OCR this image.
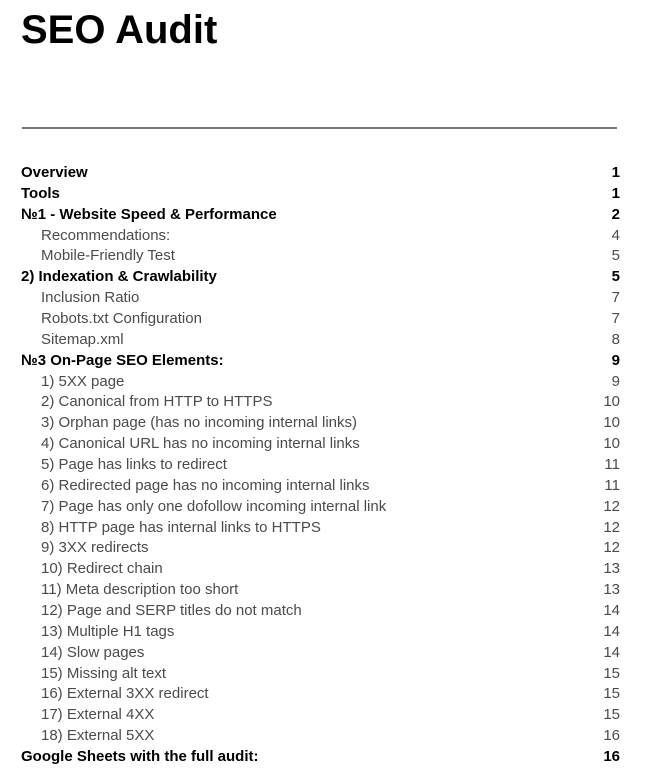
SEO Audit
Overview	1
Tools	1
№1 - Website Speed & Performance	2
Recommendations:	4
Mobile-Friendly Test	5
2) Indexation & Crawlability	5
Inclusion Ratio	7
Robots.txt Configuration	7
Sitemap.xml	8
№3 On-Page SEO Elements:	9
1) 5XX page	9
2) Canonical from HTTP to HTTPS	10
3) Orphan page (has no incoming internal links)	10
4) Canonical URL has no incoming internal links	10
5) Page has links to redirect	11
6) Redirected page has no incoming internal links	11
7) Page has only one dofollow incoming internal link	12
8) HTTP page has internal links to HTTPS	12
9) 3XX redirects	12
10) Redirect chain	13
11) Meta description too short	13
12) Page and SERP titles do not match	14
13) Multiple H1 tags	14
14) Slow pages	14
15) Missing alt text	15
16) External 3XX redirect	15
17) External 4XX	15
18) External 5XX	16
Google Sheets with the full audit:	16
